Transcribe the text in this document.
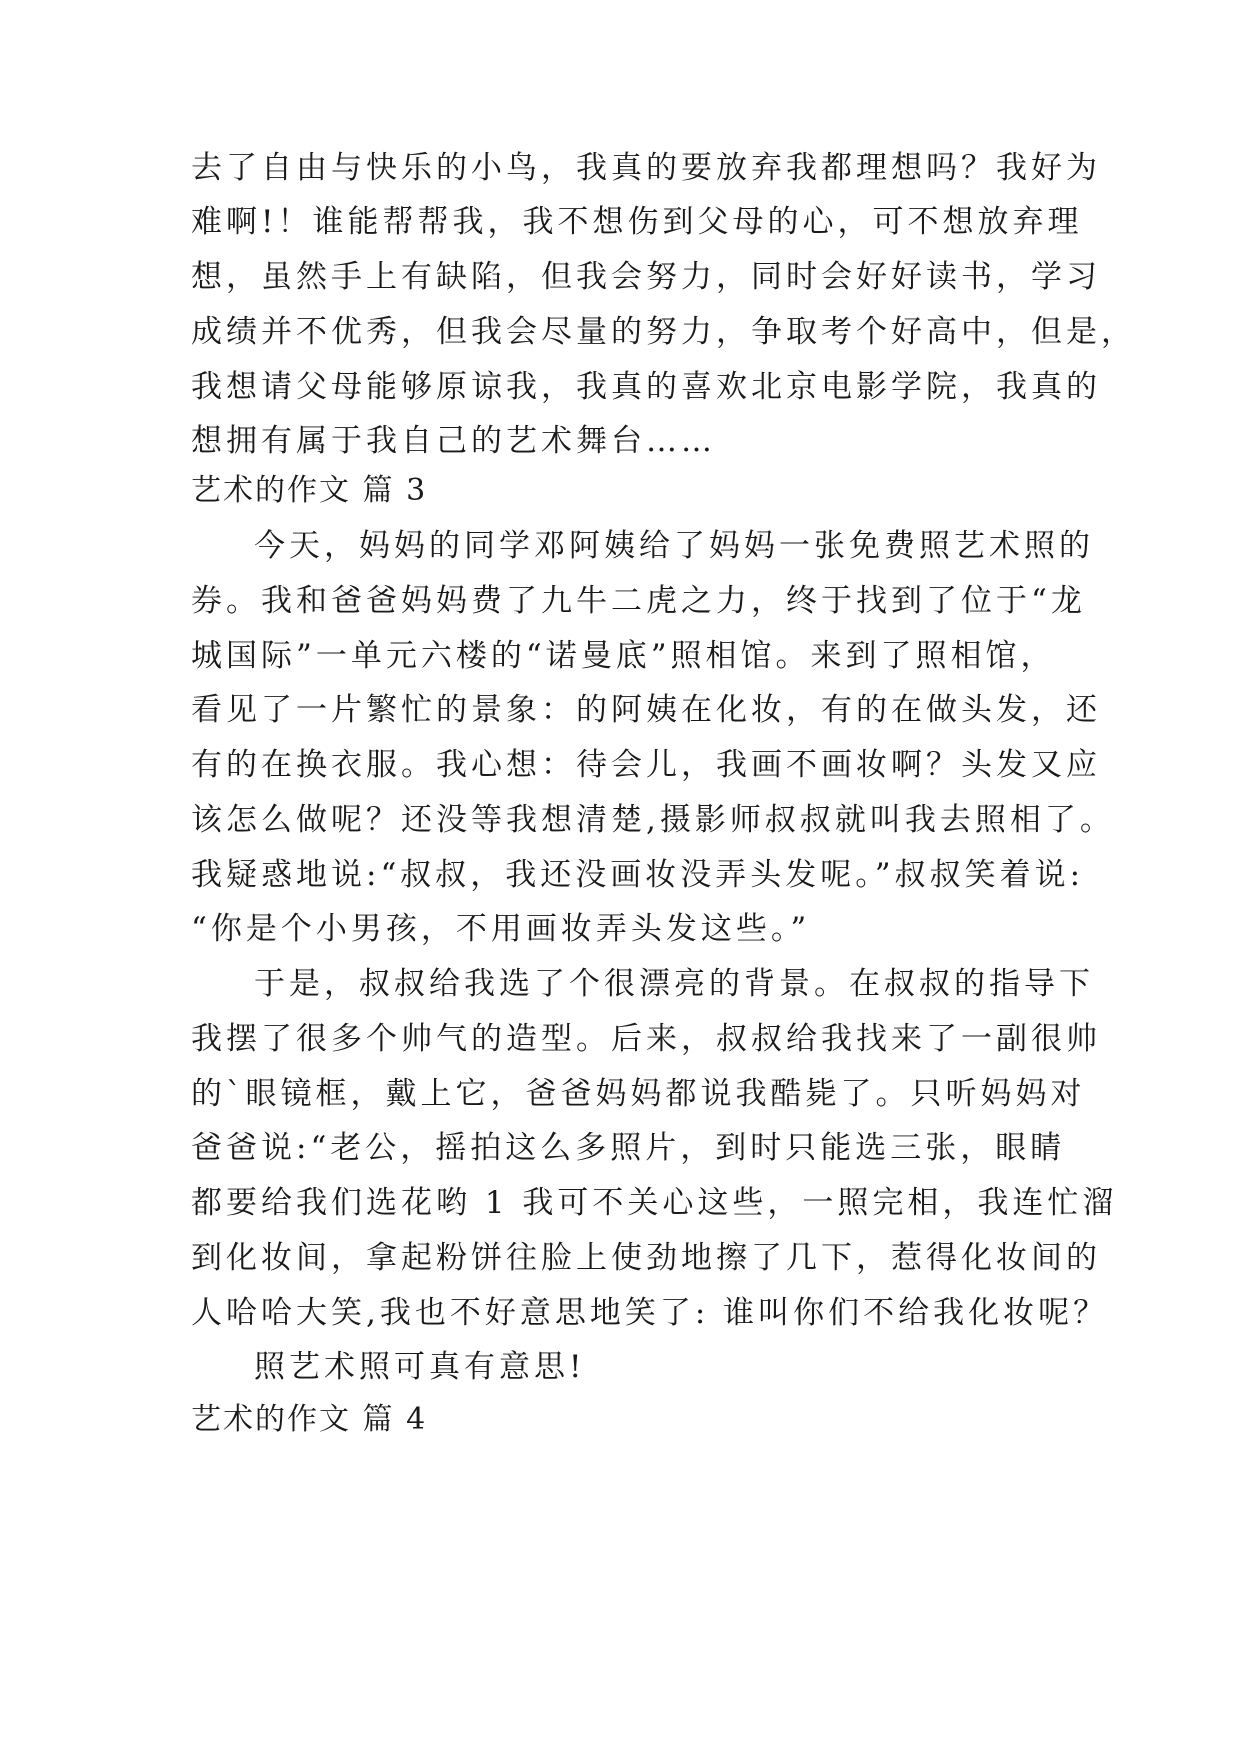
去了自由与快乐的小鸟，我真的要放弃我都理想吗？我好为
难啊!！谁能帮帮我，我不想伤到父母的心，可不想放弃理
想，虽然手上有缺陷，但我会努力，同时会好好读书，学习
成绩并不优秀，但我会尽量的努力，争取考个好高中，但是，
我想请父母能够原谅我，我真的喜欢北京电影学院，我真的
想拥有属于我自己的艺术舞台……
艺术的作文 篇 3
今天，妈妈的同学邓阿姨给了妈妈一张免费照艺术照的
券。我和爸爸妈妈费了九牛二虎之力，终于找到了位于“龙
城国际”一单元六楼的“诺曼底”照相馆。来到了照相馆，
看见了一片繁忙的景象：的阿姨在化妆，有的在做头发，还
有的在换衣服。我心想：待会儿，我画不画妆啊？头发又应
该怎么做呢？还没等我想清楚,摄影师叔叔就叫我去照相了。
我疑惑地说:“叔叔，我还没画妆没弄头发呢。”叔叔笑着说:
“你是个小男孩，不用画妆弄头发这些。”
于是，叔叔给我选了个很漂亮的背景。在叔叔的指导下
我摆了很多个帅气的造型。后来，叔叔给我找来了一副很帅
的`眼镜框，戴上它，爸爸妈妈都说我酷毙了。只听妈妈对
爸爸说:“老公，摇拍这么多照片，到时只能选三张，眼睛
都要给我们选花哟 1 我可不关心这些，一照完相，我连忙溜
到化妆间，拿起粉饼往脸上使劲地擦了几下，惹得化妆间的
人哈哈大笑,我也不好意思地笑了: 谁叫你们不给我化妆呢？
照艺术照可真有意思!
艺术的作文 篇 4
